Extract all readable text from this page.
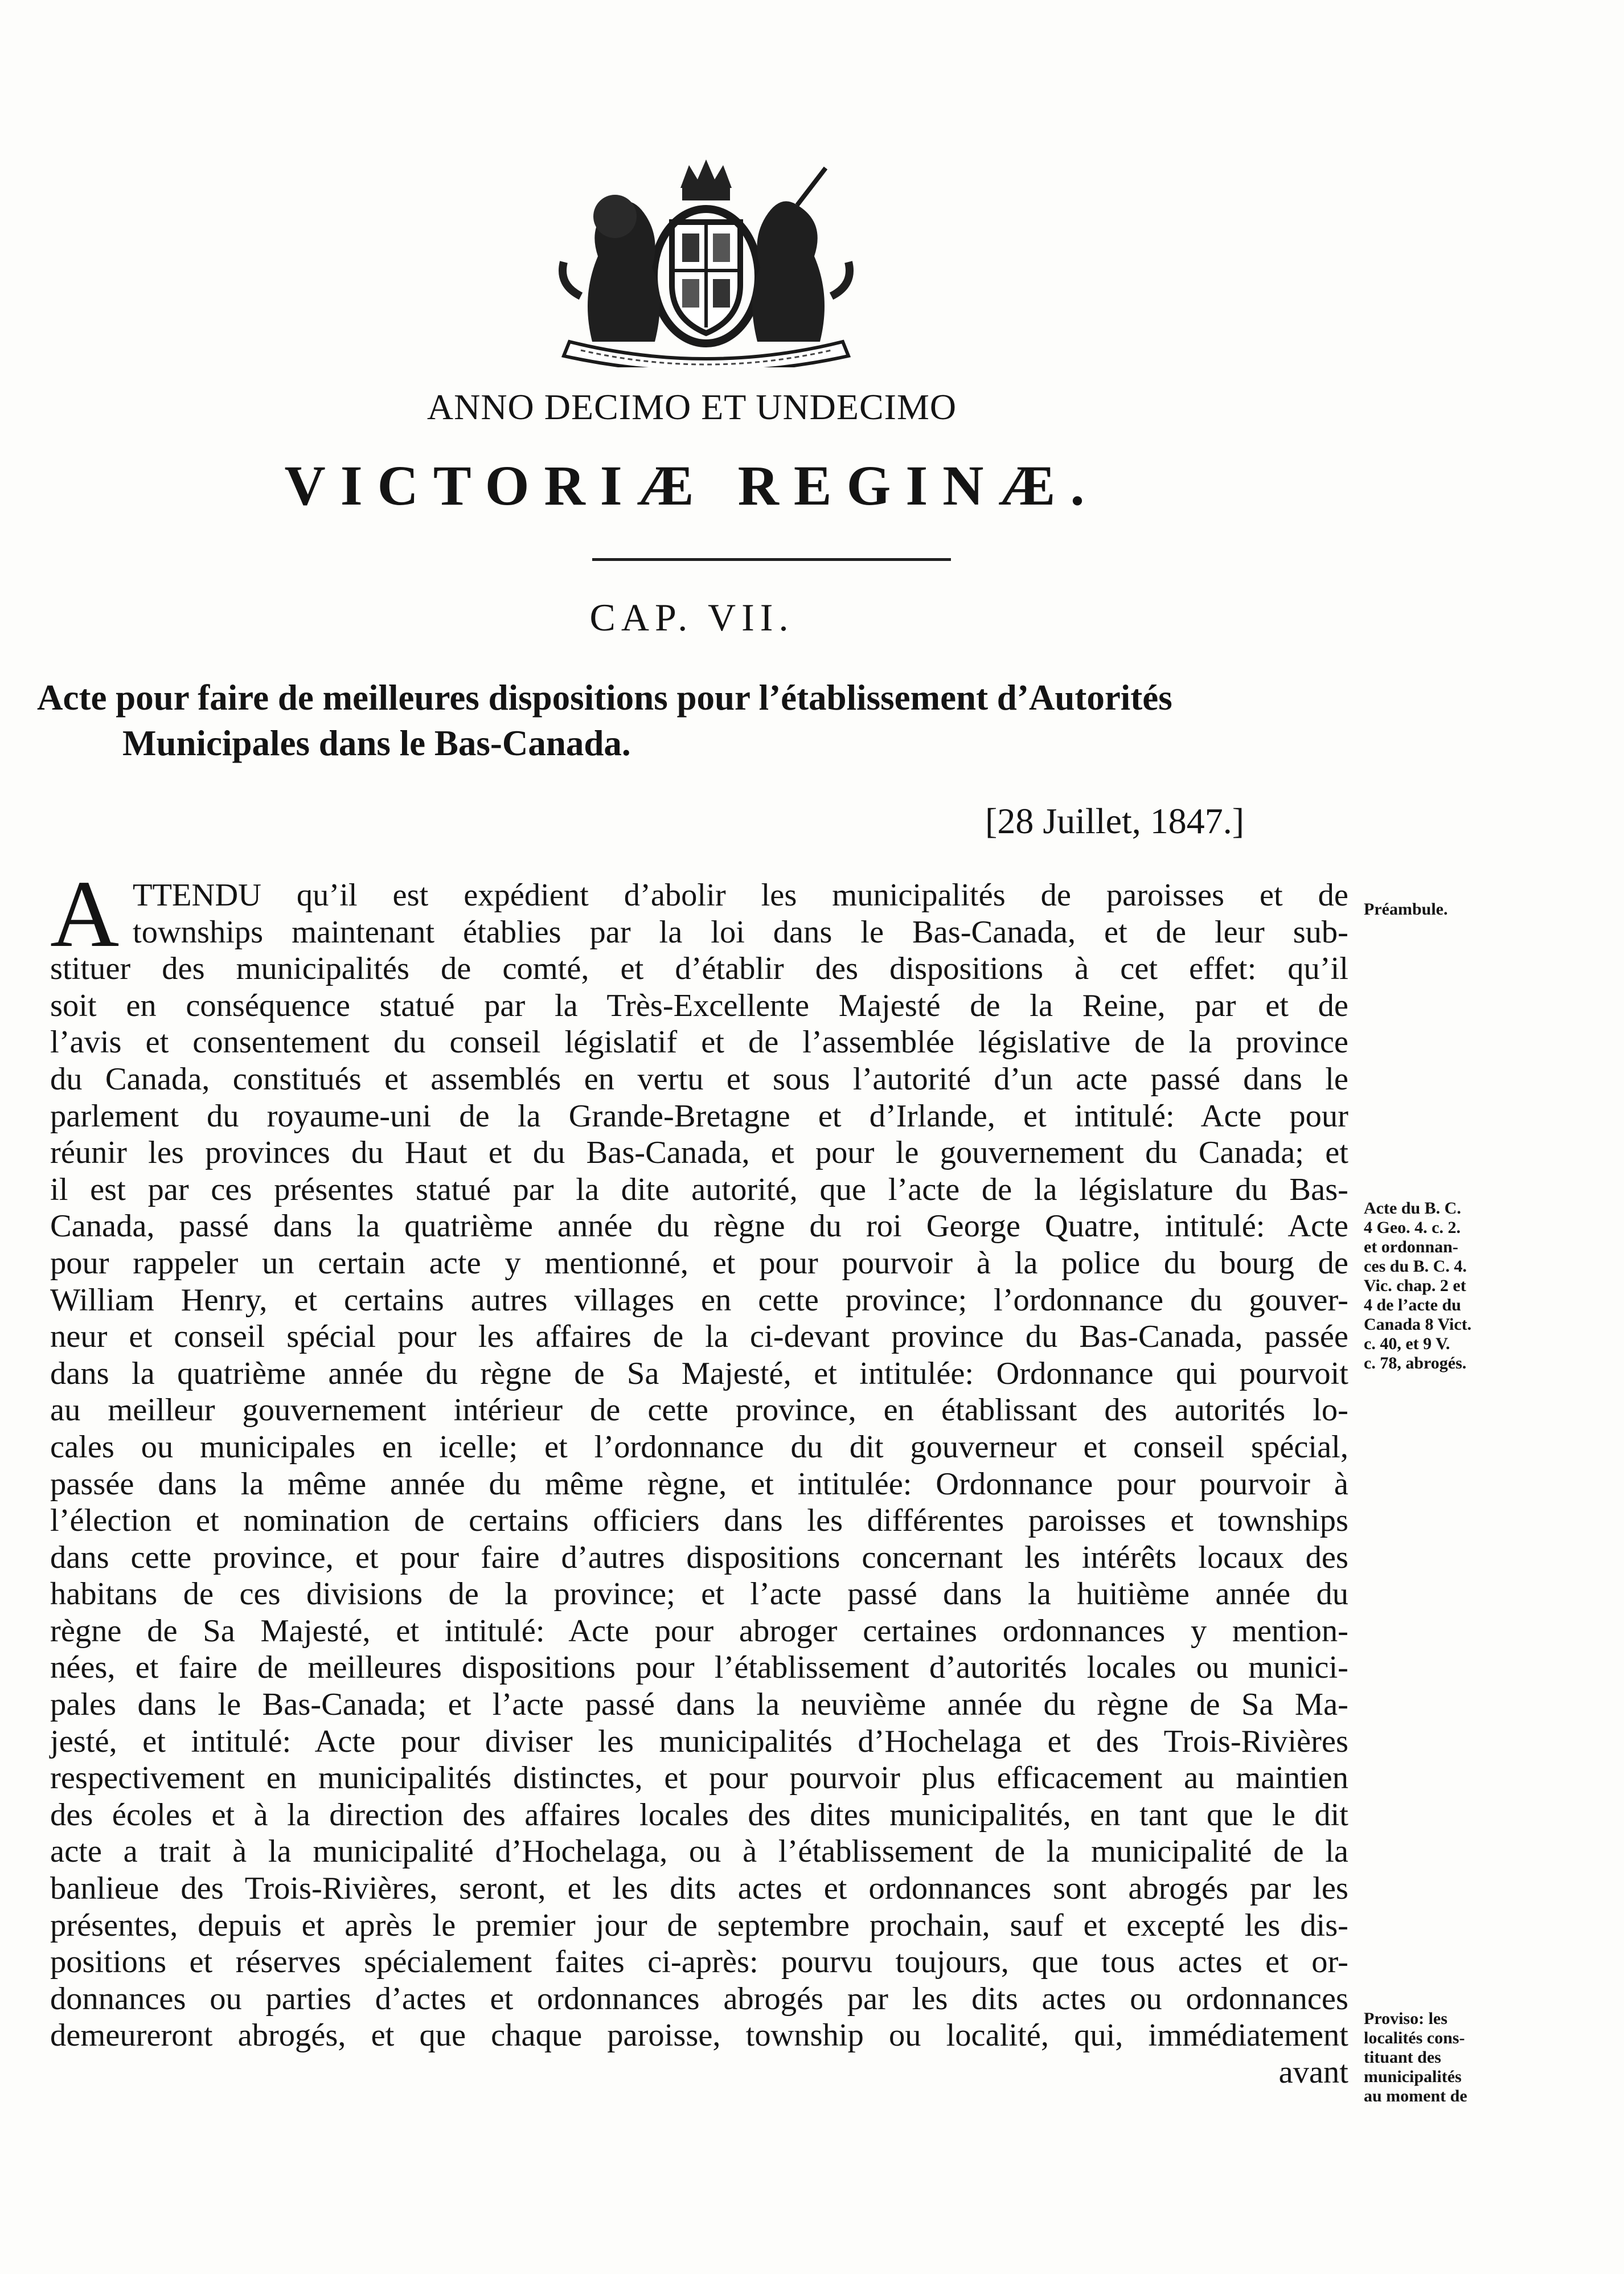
ANNO DECIMO ET UNDECIMO
VICTORIÆ REGINÆ.
CAP. VII.
Acte pour faire de meilleures dispositions pour l’établissement d’Autorités
Municipales dans le Bas-Canada.
[28 Juillet, 1847.]
A TTENDU qu’il est expédient d’abolir les municipalités de paroisses et de
townships maintenant établies par la loi dans le Bas-Canada, et de leur sub-
stituer des municipalités de comté, et d’établir des dispositions à cet effet: qu’il
soit en conséquence statué par la Très-Excellente Majesté de la Reine, par et de
l’avis et consentement du conseil législatif et de l’assemblée législative de la province
du Canada, constitués et assemblés en vertu et sous l’autorité d’un acte passé dans le
parlement du royaume-uni de la Grande-Bretagne et d’Irlande, et intitulé: Acte pour
réunir les provinces du Haut et du Bas-Canada, et pour le gouvernement du Canada; et
il est par ces présentes statué par la dite autorité, que l’acte de la législature du Bas-
Canada, passé dans la quatrième année du règne du roi George Quatre, intitulé: Acte
pour rappeler un certain acte y mentionné, et pour pourvoir à la police du bourg de
William Henry, et certains autres villages en cette province; l’ordonnance du gouver-
neur et conseil spécial pour les affaires de la ci-devant province du Bas-Canada, passée
dans la quatrième année du règne de Sa Majesté, et intitulée: Ordonnance qui pourvoit
au meilleur gouvernement intérieur de cette province, en établissant des autorités lo-
cales ou municipales en icelle; et l’ordonnance du dit gouverneur et conseil spécial,
passée dans la même année du même règne, et intitulée: Ordonnance pour pourvoir à
l’élection et nomination de certains officiers dans les différentes paroisses et townships
dans cette province, et pour faire d’autres dispositions concernant les intérêts locaux des
habitans de ces divisions de la province; et l’acte passé dans la huitième année du
règne de Sa Majesté, et intitulé: Acte pour abroger certaines ordonnances y mention-
nées, et faire de meilleures dispositions pour l’établissement d’autorités locales ou munici-
pales dans le Bas-Canada; et l’acte passé dans la neuvième année du règne de Sa Ma-
jesté, et intitulé: Acte pour diviser les municipalités d’Hochelaga et des Trois-Rivières
respectivement en municipalités distinctes, et pour pourvoir plus efficacement au maintien
des écoles et à la direction des affaires locales des dites municipalités, en tant que le dit
acte a trait à la municipalité d’Hochelaga, ou à l’établissement de la municipalité de la
banlieue des Trois-Rivières, seront, et les dits actes et ordonnances sont abrogés par les
présentes, depuis et après le premier jour de septembre prochain, sauf et excepté les dis-
positions et réserves spécialement faites ci-après: pourvu toujours, que tous actes et or-
donnances ou parties d’actes et ordonnances abrogés par les dits actes ou ordonnances
demeureront abrogés, et que chaque paroisse, township ou localité, qui, immédiatement
avant
Préambule.
Acte du B. C.
4 Geo. 4. c. 2.
et ordonnan-
ces du B. C. 4.
Vic. chap. 2 et
4 de l’acte du
Canada 8 Vict.
c. 40, et 9 V.
c. 78, abrogés.
Proviso: les
localités cons-
tituant des
municipalités
au moment de
